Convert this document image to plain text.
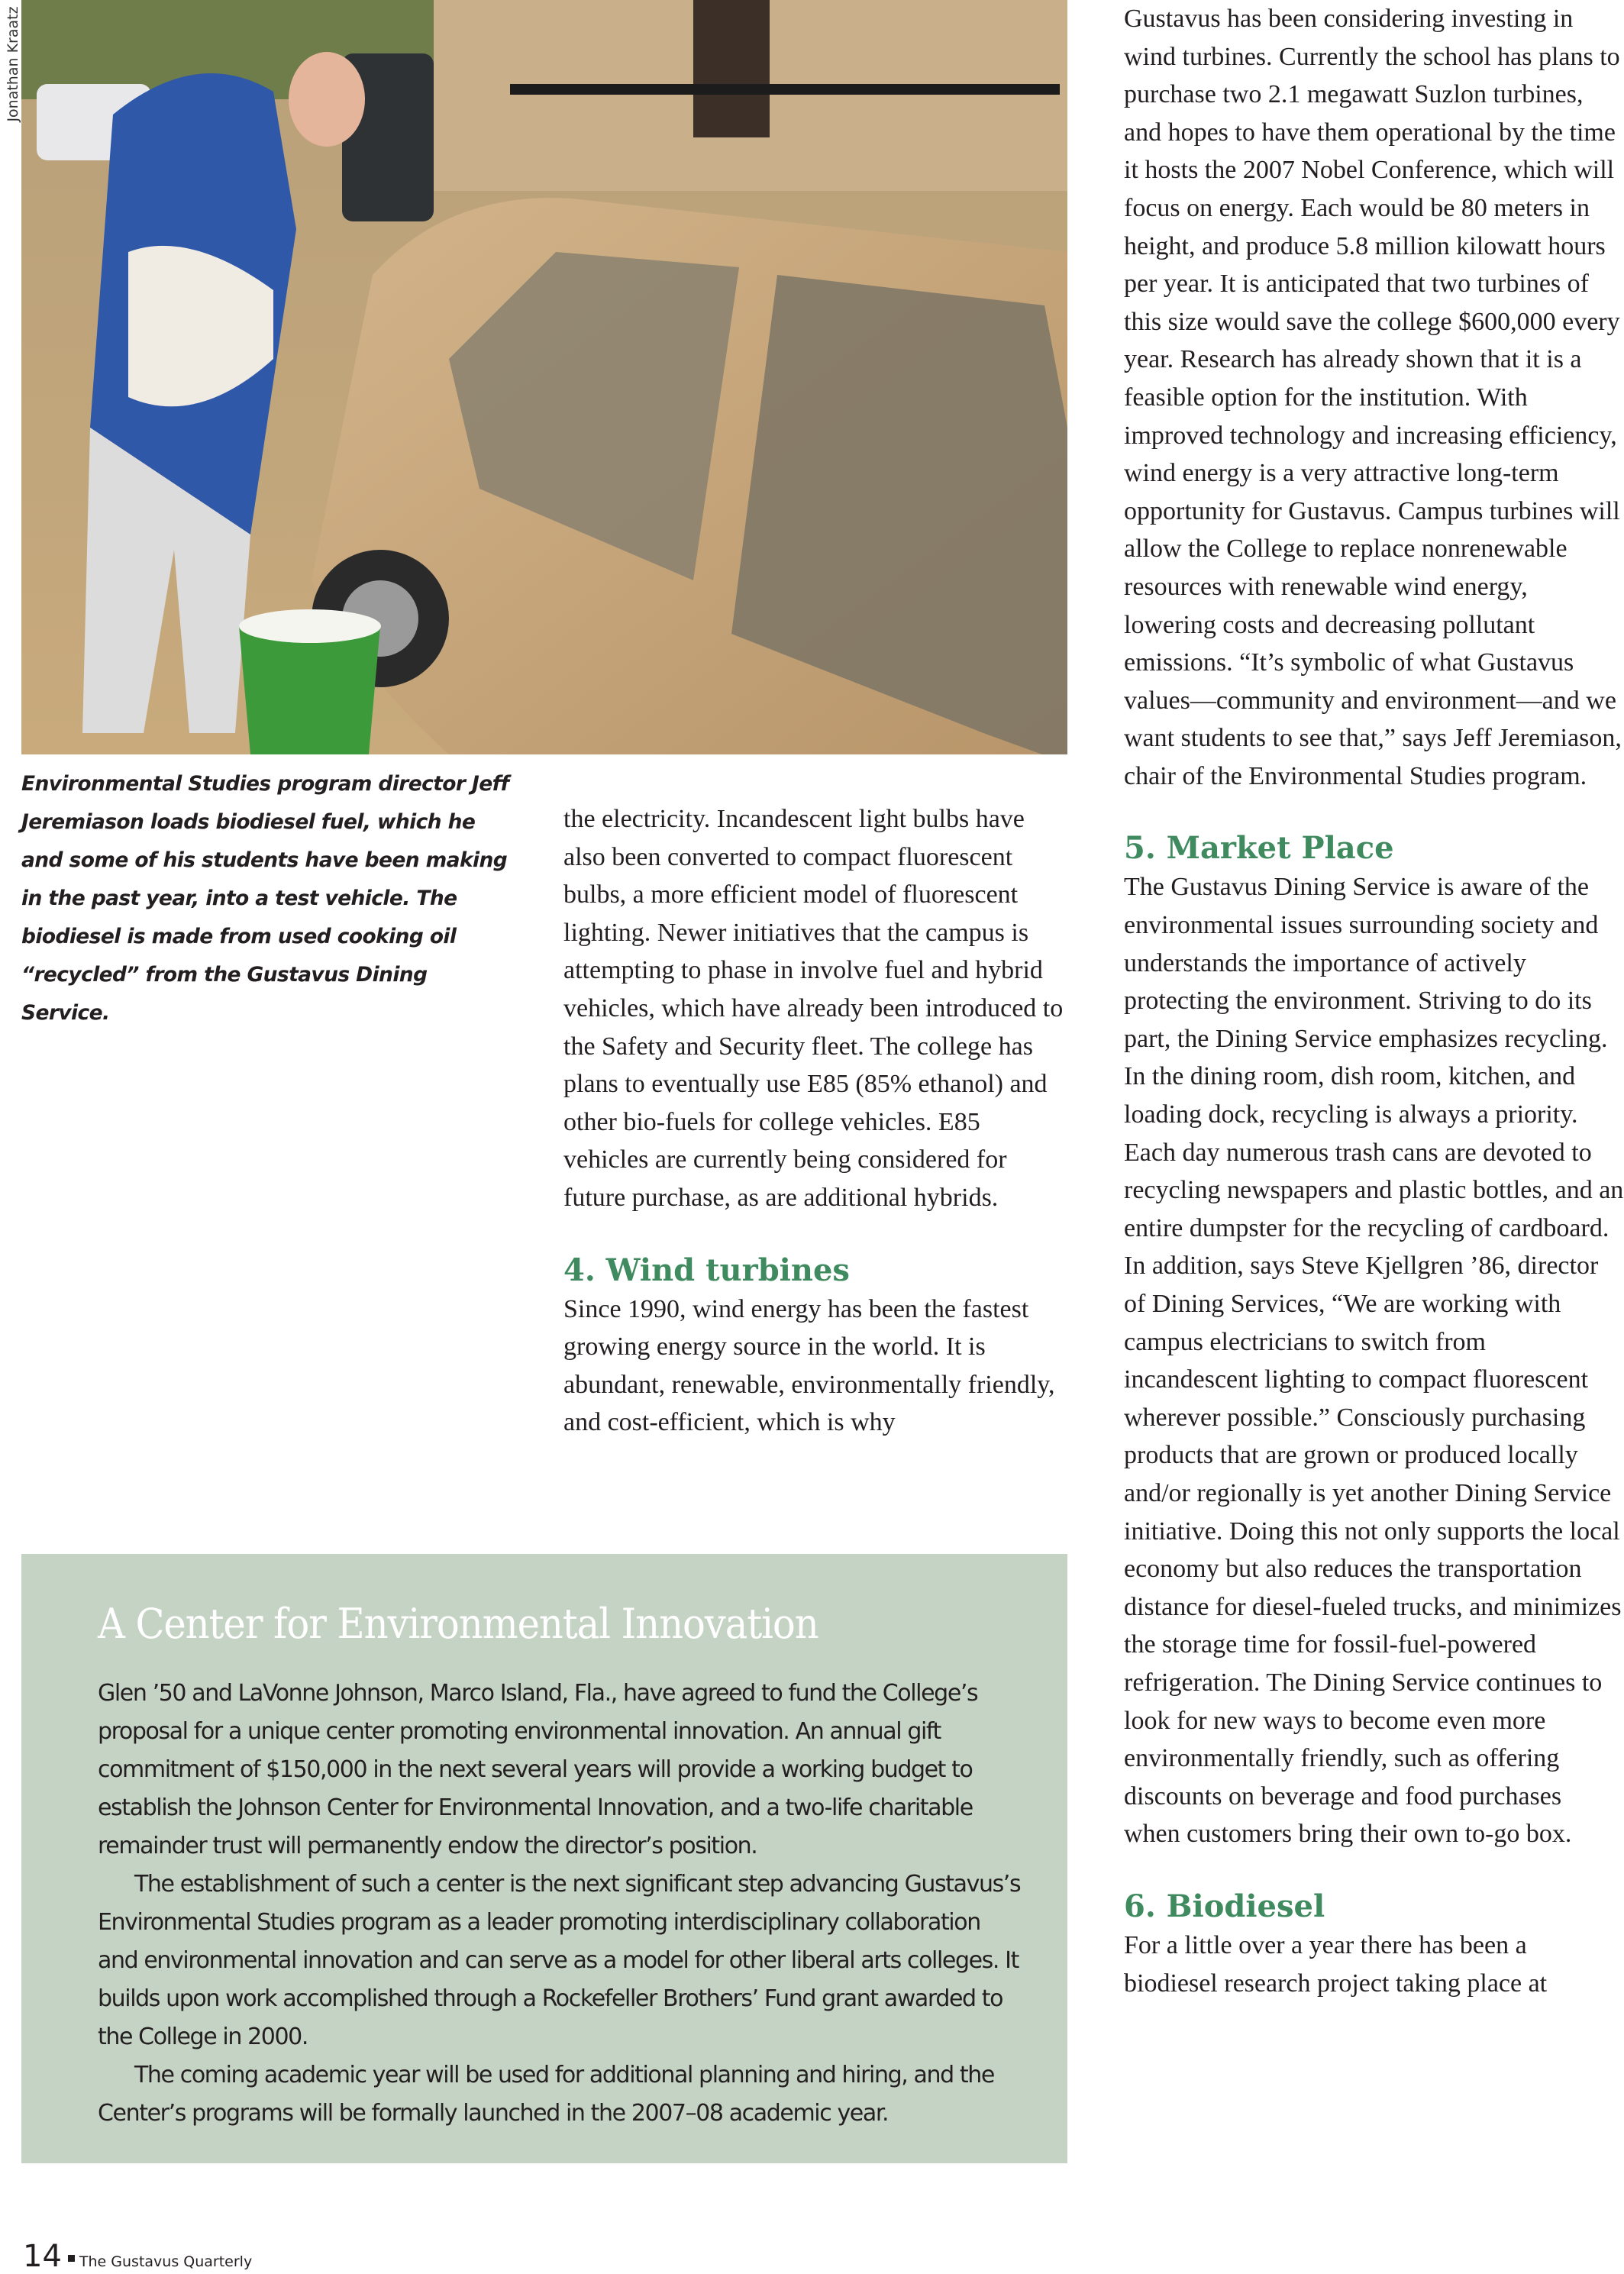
Jonathan Kraatz
Environmental Studies program director Jeff Jeremiason loads biodiesel fuel, which he and some of his students have been making in the past year, into a test vehicle. The biodiesel is made from used cooking oil “recycled” from the Gustavus Dining Service.

the electricity. Incandescent light bulbs have also been converted to compact fluorescent bulbs, a more efficient model of fluorescent lighting. Newer initiatives that the campus is attempting to phase in involve fuel and hybrid vehicles, which have already been introduced to the Safety and Security fleet. The college has plans to eventually use E85 (85% ethanol) and other bio-fuels for college vehicles. E85 vehicles are currently being considered for future purchase, as are additional hybrids.

4. Wind turbines

Since 1990, wind energy has been the fastest growing energy source in the world. It is abundant, renewable, environmentally friendly, and cost-efficient, which is why

Gustavus has been considering investing in wind turbines. Currently the school has plans to purchase two 2.1 megawatt Suzlon turbines, and hopes to have them operational by the time it hosts the 2007 Nobel Conference, which will focus on energy. Each would be 80 meters in height, and produce 5.8 million kilowatt hours per year. It is anticipated that two turbines of this size would save the college $600,000 every year. Research has already shown that it is a feasible option for the institution. With improved technology and increasing efficiency, wind energy is a very attractive long-term opportunity for Gustavus. Campus turbines will allow the College to replace nonrenewable resources with renewable wind energy, lowering costs and decreasing pollutant emissions. “It’s symbolic of what Gustavus values—community and environment—and we want students to see that,” says Jeff Jeremiason, chair of the Environmental Studies program.

5. Market Place

The Gustavus Dining Service is aware of the environmental issues surrounding society and understands the importance of actively protecting the environment. Striving to do its part, the Dining Service emphasizes recycling. In the dining room, dish room, kitchen, and loading dock, recycling is always a priority. Each day numerous trash cans are devoted to recycling newspapers and plastic bottles, and an entire dumpster for the recycling of cardboard. In addition, says Steve Kjellgren ’86, director of Dining Services, “We are working with campus electricians to switch from incandescent lighting to compact fluorescent wherever possible.” Consciously purchasing products that are grown or produced locally and/or regionally is yet another Dining Service initiative. Doing this not only supports the local economy but also reduces the transportation distance for diesel-fueled trucks, and minimizes the storage time for fossil-fuel-powered refrigeration. The Dining Service continues to look for new ways to become even more environmentally friendly, such as offering discounts on beverage and food purchases when customers bring their own to-go box.

6. Biodiesel

For a little over a year there has been a biodiesel research project taking place at

A Center for Environmental Innovation

Glen ’50 and LaVonne Johnson, Marco Island, Fla., have agreed to fund the College’s proposal for a unique center promoting environmental innovation. An annual gift commitment of $150,000 in the next several years will provide a working budget to establish the Johnson Center for Environmental Innovation, and a two-life charitable remainder trust will permanently endow the director’s position.

The establishment of such a center is the next significant step advancing Gustavus’s Environmental Studies program as a leader promoting interdisciplinary collaboration and environmental innovation and can serve as a model for other liberal arts colleges. It builds upon work accomplished through a Rockefeller Brothers’ Fund grant awarded to the College in 2000.

The coming academic year will be used for additional planning and hiring, and the Center’s programs will be formally launched in the 2007–08 academic year.

14 The Gustavus Quarterly
